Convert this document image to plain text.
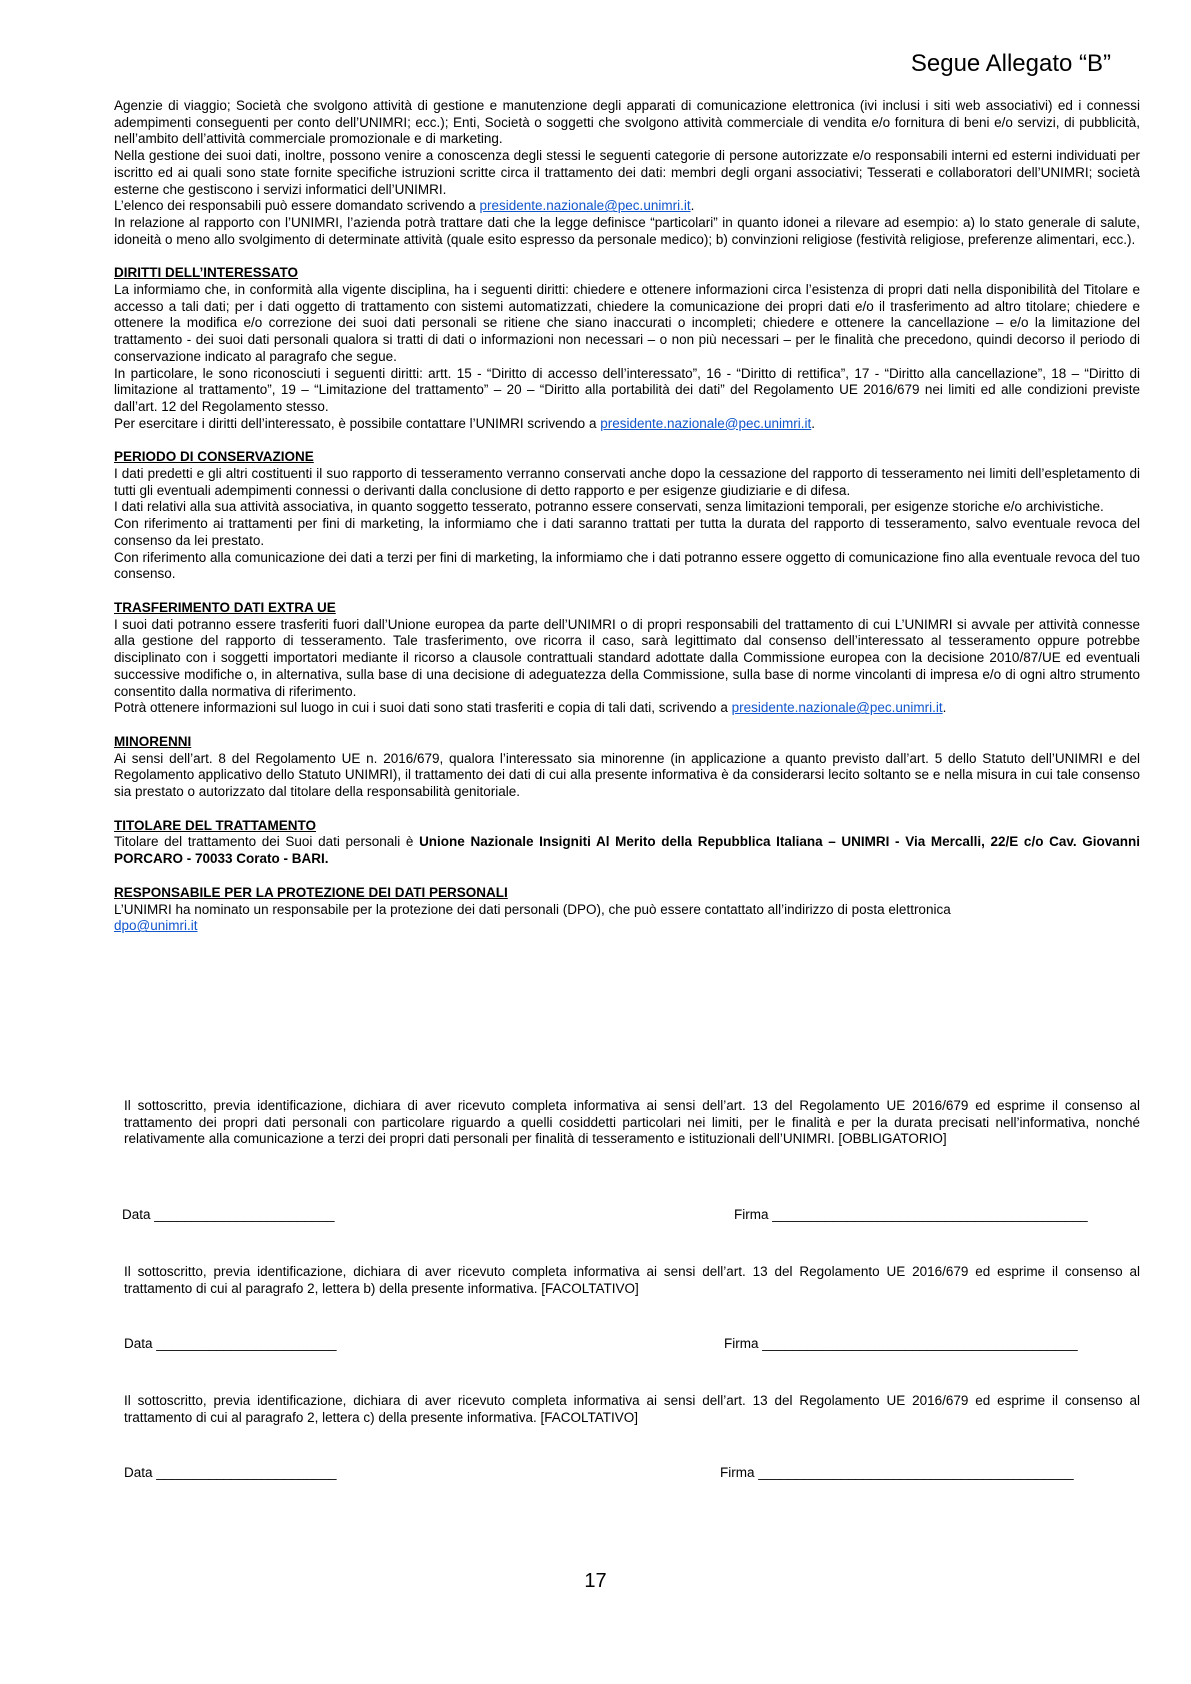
Segue Allegato “B”

Agenzie di viaggio; Società che svolgono attività di gestione e manutenzione degli apparati di comunicazione elettronica (ivi inclusi i siti web associativi) ed i connessi adempimenti conseguenti per conto dell’UNIMRI; ecc.); Enti, Società o soggetti che svolgono attività commerciale di vendita e/o fornitura di beni e/o servizi, di pubblicità, nell’ambito dell’attività commerciale promozionale e di marketing.

Nella gestione dei suoi dati, inoltre, possono venire a conoscenza degli stessi le seguenti categorie di persone autorizzate e/o responsabili interni ed esterni individuati per iscritto ed ai quali sono state fornite specifiche istruzioni scritte circa il trattamento dei dati: membri degli organi associativi; Tesserati e collaboratori dell’UNIMRI; società esterne che gestiscono i servizi informatici dell’UNIMRI.

L’elenco dei responsabili può essere domandato scrivendo a presidente.nazionale@pec.unimri.it.

In relazione al rapporto con l’UNIMRI, l’azienda potrà trattare dati che la legge definisce “particolari” in quanto idonei a rilevare ad esempio: a) lo stato generale di salute, idoneità o meno allo svolgimento di determinate attività (quale esito espresso da personale medico); b) convinzioni religiose (festività religiose, preferenze alimentari, ecc.).

DIRITTI DELL’INTERESSATO

La informiamo che, in conformità alla vigente disciplina, ha i seguenti diritti: chiedere e ottenere informazioni circa l’esistenza di propri dati nella disponibilità del Titolare e accesso a tali dati; per i dati oggetto di trattamento con sistemi automatizzati, chiedere la comunicazione dei propri dati e/o il trasferimento ad altro titolare; chiedere e ottenere la modifica e/o correzione dei suoi dati personali se ritiene che siano inaccurati o incompleti; chiedere e ottenere la cancellazione – e/o la limitazione del trattamento - dei suoi dati personali qualora si tratti di dati o informazioni non necessari – o non più necessari – per le finalità che precedono, quindi decorso il periodo di conservazione indicato al paragrafo che segue.

In particolare, le sono riconosciuti i seguenti diritti: artt. 15 - “Diritto di accesso dell’interessato”, 16 - “Diritto di rettifica”, 17 - “Diritto alla cancellazione”, 18 – “Diritto di limitazione al trattamento”, 19 – “Limitazione del trattamento” – 20 – “Diritto alla portabilità dei dati” del Regolamento UE 2016/679 nei limiti ed alle condizioni previste dall’art. 12 del Regolamento stesso.

Per esercitare i diritti dell’interessato, è possibile contattare l’UNIMRI scrivendo a presidente.nazionale@pec.unimri.it.

PERIODO DI CONSERVAZIONE

I dati predetti e gli altri costituenti il suo rapporto di tesseramento verranno conservati anche dopo la cessazione del rapporto di tesseramento nei limiti dell’espletamento di tutti gli eventuali adempimenti connessi o derivanti dalla conclusione di detto rapporto e per esigenze giudiziarie e di difesa.

I dati relativi alla sua attività associativa, in quanto soggetto tesserato, potranno essere conservati, senza limitazioni temporali, per esigenze storiche e/o archivistiche.

Con riferimento ai trattamenti per fini di marketing, la informiamo che i dati saranno trattati per tutta la durata del rapporto di tesseramento, salvo eventuale revoca del consenso da lei prestato.

Con riferimento alla comunicazione dei dati a terzi per fini di marketing, la informiamo che i dati potranno essere oggetto di comunicazione fino alla eventuale revoca del tuo consenso.

TRASFERIMENTO DATI EXTRA UE

I suoi dati potranno essere trasferiti fuori dall’Unione europea da parte dell’UNIMRI o di propri responsabili del trattamento di cui L’UNIMRI si avvale per attività connesse alla gestione del rapporto di tesseramento. Tale trasferimento, ove ricorra il caso, sarà legittimato dal consenso dell’interessato al tesseramento oppure potrebbe disciplinato con i soggetti importatori mediante il ricorso a clausole contrattuali standard adottate dalla Commissione europea con la decisione 2010/87/UE ed eventuali successive modifiche o, in alternativa, sulla base di una decisione di adeguatezza della Commissione, sulla base di norme vincolanti di impresa e/o di ogni altro strumento consentito dalla normativa di riferimento.

Potrà ottenere informazioni sul luogo in cui i suoi dati sono stati trasferiti e copia di tali dati, scrivendo a presidente.nazionale@pec.unimri.it.

MINORENNI

Ai sensi dell’art. 8 del Regolamento UE n. 2016/679, qualora l’interessato sia minorenne (in applicazione a quanto previsto dall’art. 5 dello Statuto dell’UNIMRI e del Regolamento applicativo dello Statuto UNIMRI), il trattamento dei dati di cui alla presente informativa è da considerarsi lecito soltanto se e nella misura in cui tale consenso sia prestato o autorizzato dal titolare della responsabilità genitoriale.

TITOLARE DEL TRATTAMENTO

Titolare del trattamento dei Suoi dati personali è Unione Nazionale Insigniti Al Merito della Repubblica Italiana – UNIMRI - Via Mercalli, 22/E c/o Cav. Giovanni PORCARO - 70033 Corato - BARI.

RESPONSABILE PER LA PROTEZIONE DEI DATI PERSONALI

L’UNIMRI ha nominato un responsabile per la protezione dei dati personali (DPO), che può essere contattato all’indirizzo di posta elettronica

dpo@unimri.it

Il sottoscritto, previa identificazione, dichiara di aver ricevuto completa informativa ai sensi dell’art. 13 del Regolamento UE 2016/679 ed esprime il consenso al trattamento dei propri dati personali con particolare riguardo a quelli cosiddetti particolari nei limiti, per le finalità e per la durata precisati nell’informativa, nonché relativamente alla comunicazione a terzi dei propri dati personali per finalità di tesseramento e istituzionali dell’UNIMRI. [OBBLIGATORIO]
Data ________________________	Firma __________________________________________
Il sottoscritto, previa identificazione, dichiara di aver ricevuto completa informativa ai sensi dell’art. 13 del Regolamento UE 2016/679 ed esprime il consenso al trattamento di cui al paragrafo 2, lettera b) della presente informativa. [FACOLTATIVO]
Data ________________________	Firma __________________________________________
Il sottoscritto, previa identificazione, dichiara di aver ricevuto completa informativa ai sensi dell’art. 13 del Regolamento UE 2016/679 ed esprime il consenso al trattamento di cui al paragrafo 2, lettera c) della presente informativa. [FACOLTATIVO]
Data ________________________	Firma __________________________________________
17
